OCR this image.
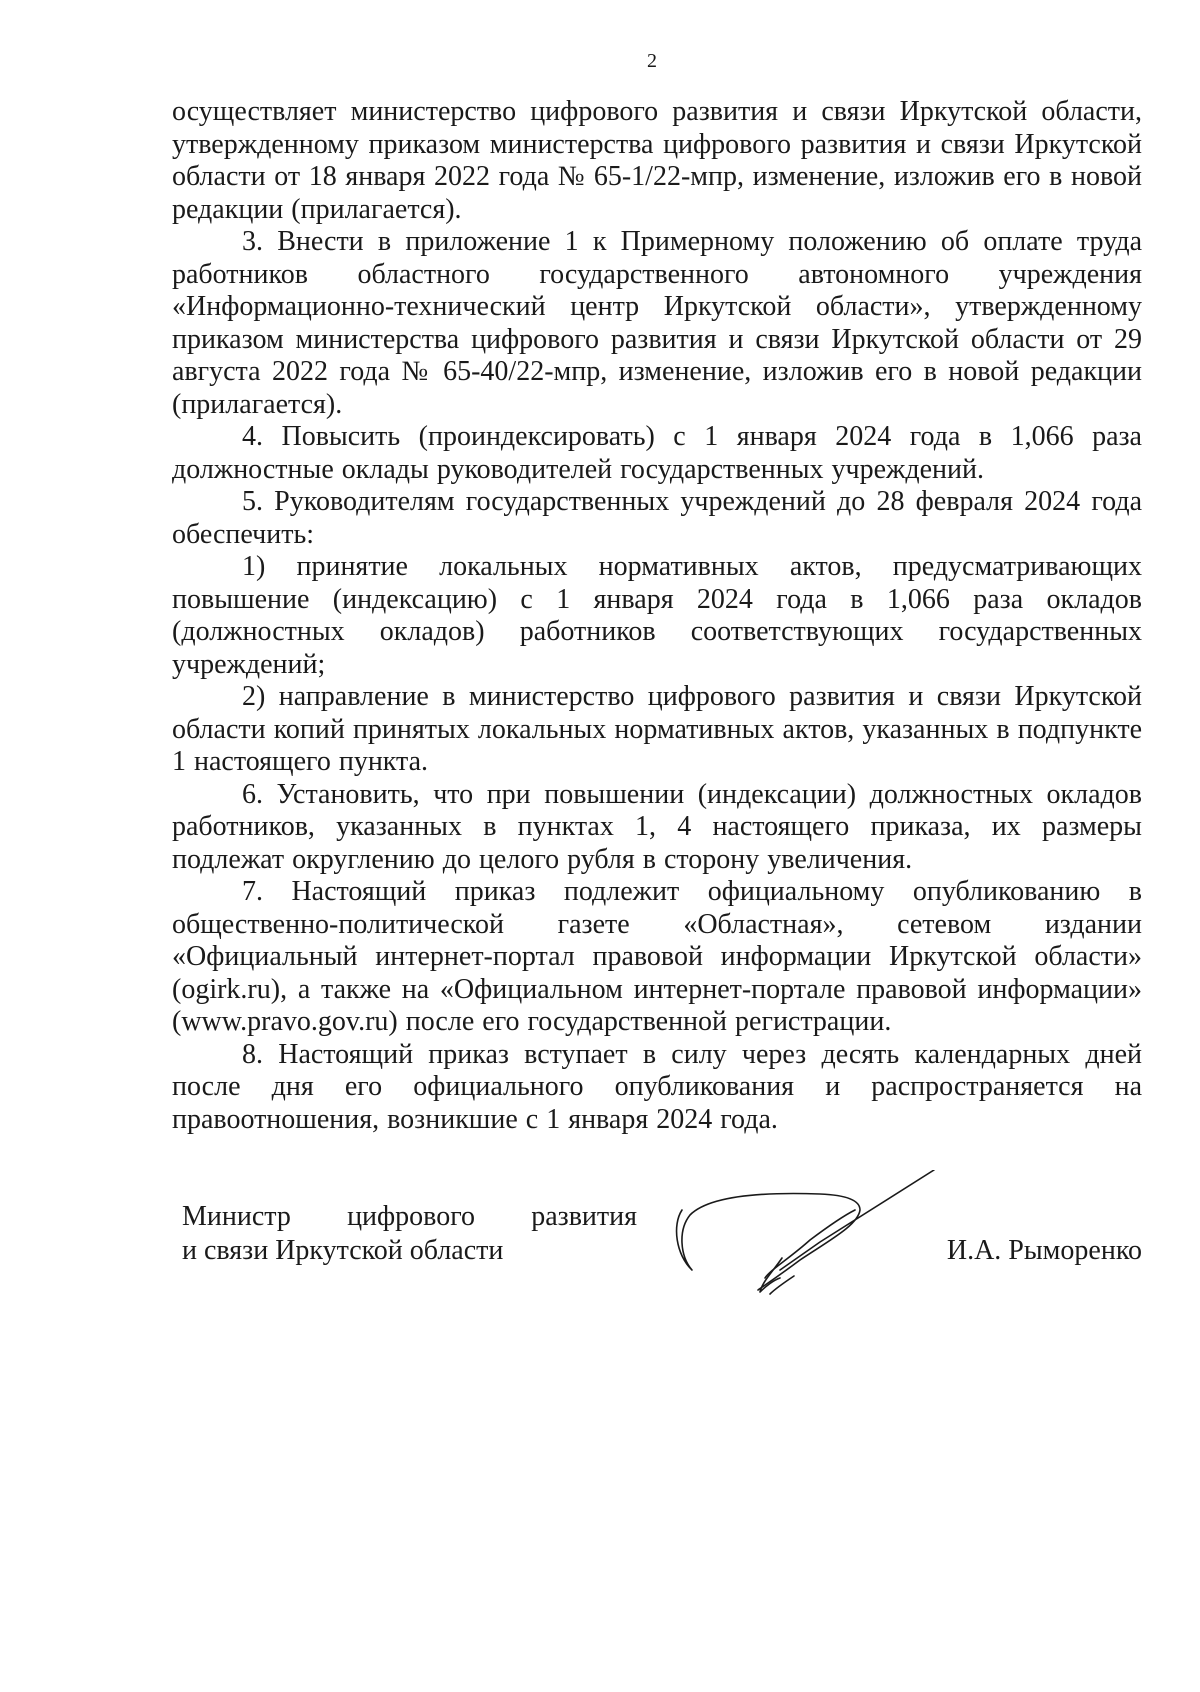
2

осуществляет министерство цифрового развития и связи Иркутской области, утвержденному приказом министерства цифрового развития и связи Иркутской области от 18 января 2022 года № 65-1/22-мпр, изменение, изложив его в новой редакции (прилагается).

3. Внести в приложение 1 к Примерному положению об оплате труда работников областного государственного автономного учреждения «Информационно-технический центр Иркутской области», утвержденному приказом министерства цифрового развития и связи Иркутской области от 29 августа 2022 года № 65-40/22-мпр, изменение, изложив его в новой редакции (прилагается).

4. Повысить (проиндексировать) с 1 января 2024 года в 1,066 раза должностные оклады руководителей государственных учреждений.

5. Руководителям государственных учреждений до 28 февраля 2024 года обеспечить:

1) принятие локальных нормативных актов, предусматривающих повышение (индексацию) с 1 января 2024 года в 1,066 раза окладов (должностных окладов) работников соответствующих государственных учреждений;

2) направление в министерство цифрового развития и связи Иркутской области копий принятых локальных нормативных актов, указанных в подпункте 1 настоящего пункта.

6. Установить, что при повышении (индексации) должностных окладов работников, указанных в пунктах 1, 4 настоящего приказа, их размеры подлежат округлению до целого рубля в сторону увеличения.

7. Настоящий приказ подлежит официальному опубликованию в общественно-политической газете «Областная», сетевом издании «Официальный интернет-портал правовой информации Иркутской области» (ogirk.ru), а также на «Официальном интернет-портале правовой информации» (www.pravo.gov.ru) после его государственной регистрации.

8. Настоящий приказ вступает в силу через десять календарных дней после дня его официального опубликования и распространяется на правоотношения, возникшие с 1 января 2024 года.

Министр цифрового развития
и связи Иркутской области	И.А. Рыморенко
